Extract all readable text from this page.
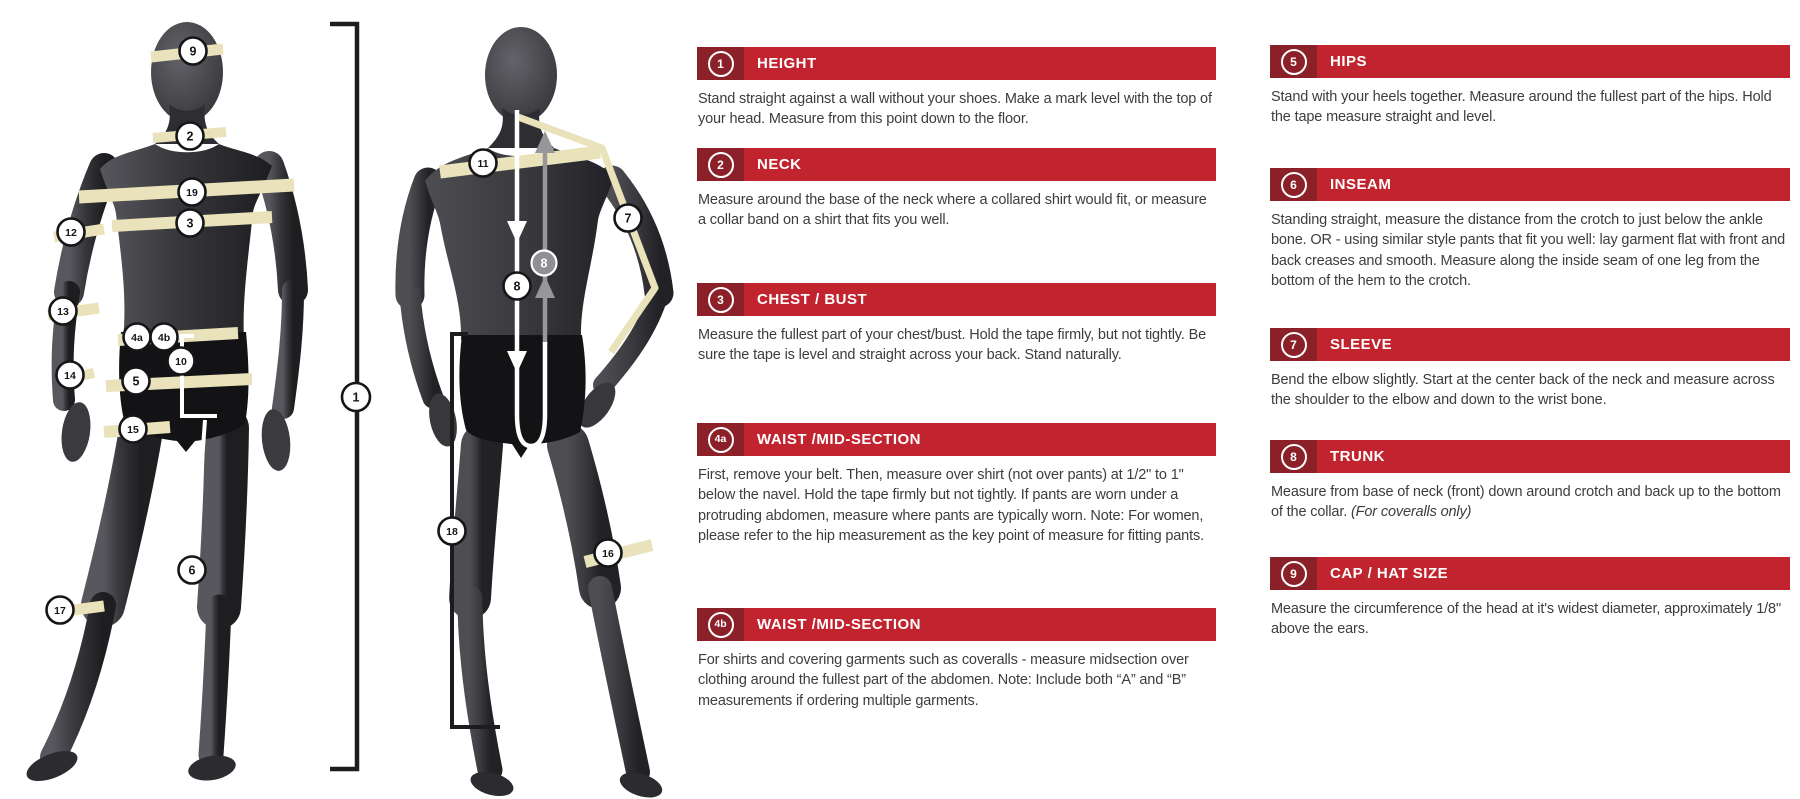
9
2
19
3
12
13
4a 4b
14	5
10
15
6
17
1
11
7
8
8
18
16
1	HEIGHT

Stand straight against a wall without your shoes. Make a mark level with the top of your head. Measure from this point down to the floor.

2	NECK

Measure around the base of the neck where a collared shirt would fit, or measure a collar band on a shirt that fits you well.

3	CHEST / BUST

Measure the fullest part of your chest/bust. Hold the tape firmly, but not tightly. Be sure the tape is level and straight across your back. Stand naturally.

4a	WAIST /MID-SECTION

First, remove your belt. Then, measure over shirt (not over pants) at 1/2" to 1" below the navel. Hold the tape firmly but not tightly. If pants are worn under a protruding abdomen, measure where pants are typically worn. Note: For women, please refer to the hip measurement as the key point of measure for fitting pants.

4b	WAIST /MID-SECTION

For shirts and covering garments such as coveralls - measure midsection over clothing around the fullest part of the abdomen. Note: Include both “A” and “B” measurements if ordering multiple garments.

5	HIPS

Stand with your heels together. Measure around the fullest part of the hips. Hold the tape measure straight and level.

6	INSEAM

Standing straight, measure the distance from the crotch to just below the ankle bone. OR - using similar style pants that fit you well: lay garment flat with front and back creases and smooth. Measure along the inside seam of one leg from the bottom of the hem to the crotch.

7	SLEEVE

Bend the elbow slightly. Start at the center back of the neck and measure across the shoulder to the elbow and down to the wrist bone.

8	TRUNK

Measure from base of neck (front) down around crotch and back up to the bottom of the collar. (For coveralls only)

9	CAP / HAT SIZE

Measure the circumference of the head at it's widest diameter, approximately 1/8" above the ears.
